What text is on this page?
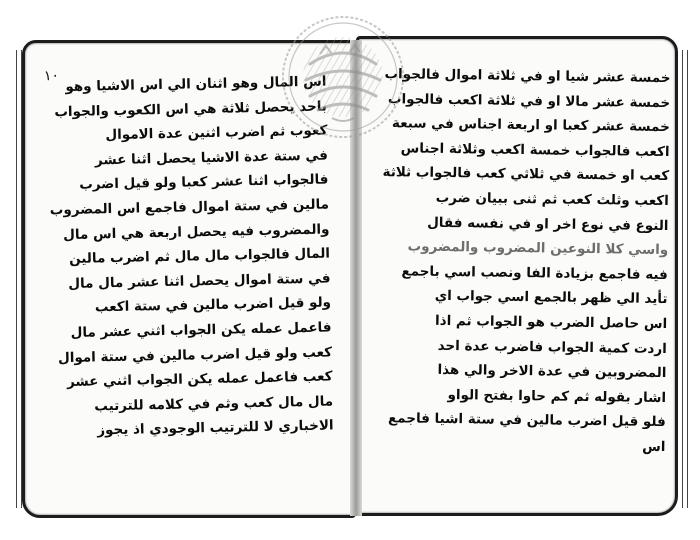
۱۰ اس المال وهو اثنان الي اس الاشيا وهو
باحد يحصل ثلاثة هي اس الكعوب والجواب
كعوب ثم اضرب اثنين عدة الاموال
في ستة عدة الاشيا يحصل اثنا عشر
فالجواب اثنا عشر كعبا ولو قيل اضرب
مالين في ستة اموال فاجمع اس المضروب
والمضروب فيه يحصل اربعة هي اس مال
المال فالجواب مال مال ثم اضرب مالين
في ستة اموال يحصل اثنا عشر مال مال
ولو قيل اضرب مالين في ستة اكعب
فاعمل عمله يكن الجواب اثني عشر مال
كعب ولو قيل اضرب مالين في ستة اموال
كعب فاعمل عمله يكن الجواب اثني عشر
مال مال كعب وثم في كلامه للترتيب
الاخباري لا للترتيب الوجودي اذ يجوز
خمسة عشر شيا او في ثلاثة اموال فالجواب
خمسة عشر مالا او في ثلاثة اكعب فالجواب
خمسة عشر كعبا او اربعة اجناس في سبعة
اكعب فالجواب خمسة اكعب وثلاثة اجناس
كعب او خمسة في ثلاثي كعب فالجواب ثلاثة
اكعب وثلث كعب ثم ثنى ببيان ضرب
النوع في نوع اخر او في نفسه فقال
واسي كلا النوعين المضروب والمضروب
فيه فاجمع بزيادة الفا ونصب اسي باجمع
تأيد الي ظهر بالجمع اسي جواب اي
اس حاصل الضرب هو الجواب ثم اذا
اردت كمية الجواب فاضرب عدة احد
المضروبين في عدة الاخر والي هذا
اشار بقوله ثم كم حاوا بفتح الواو
فلو قيل اضرب مالين في ستة اشيا فاجمع
اس
